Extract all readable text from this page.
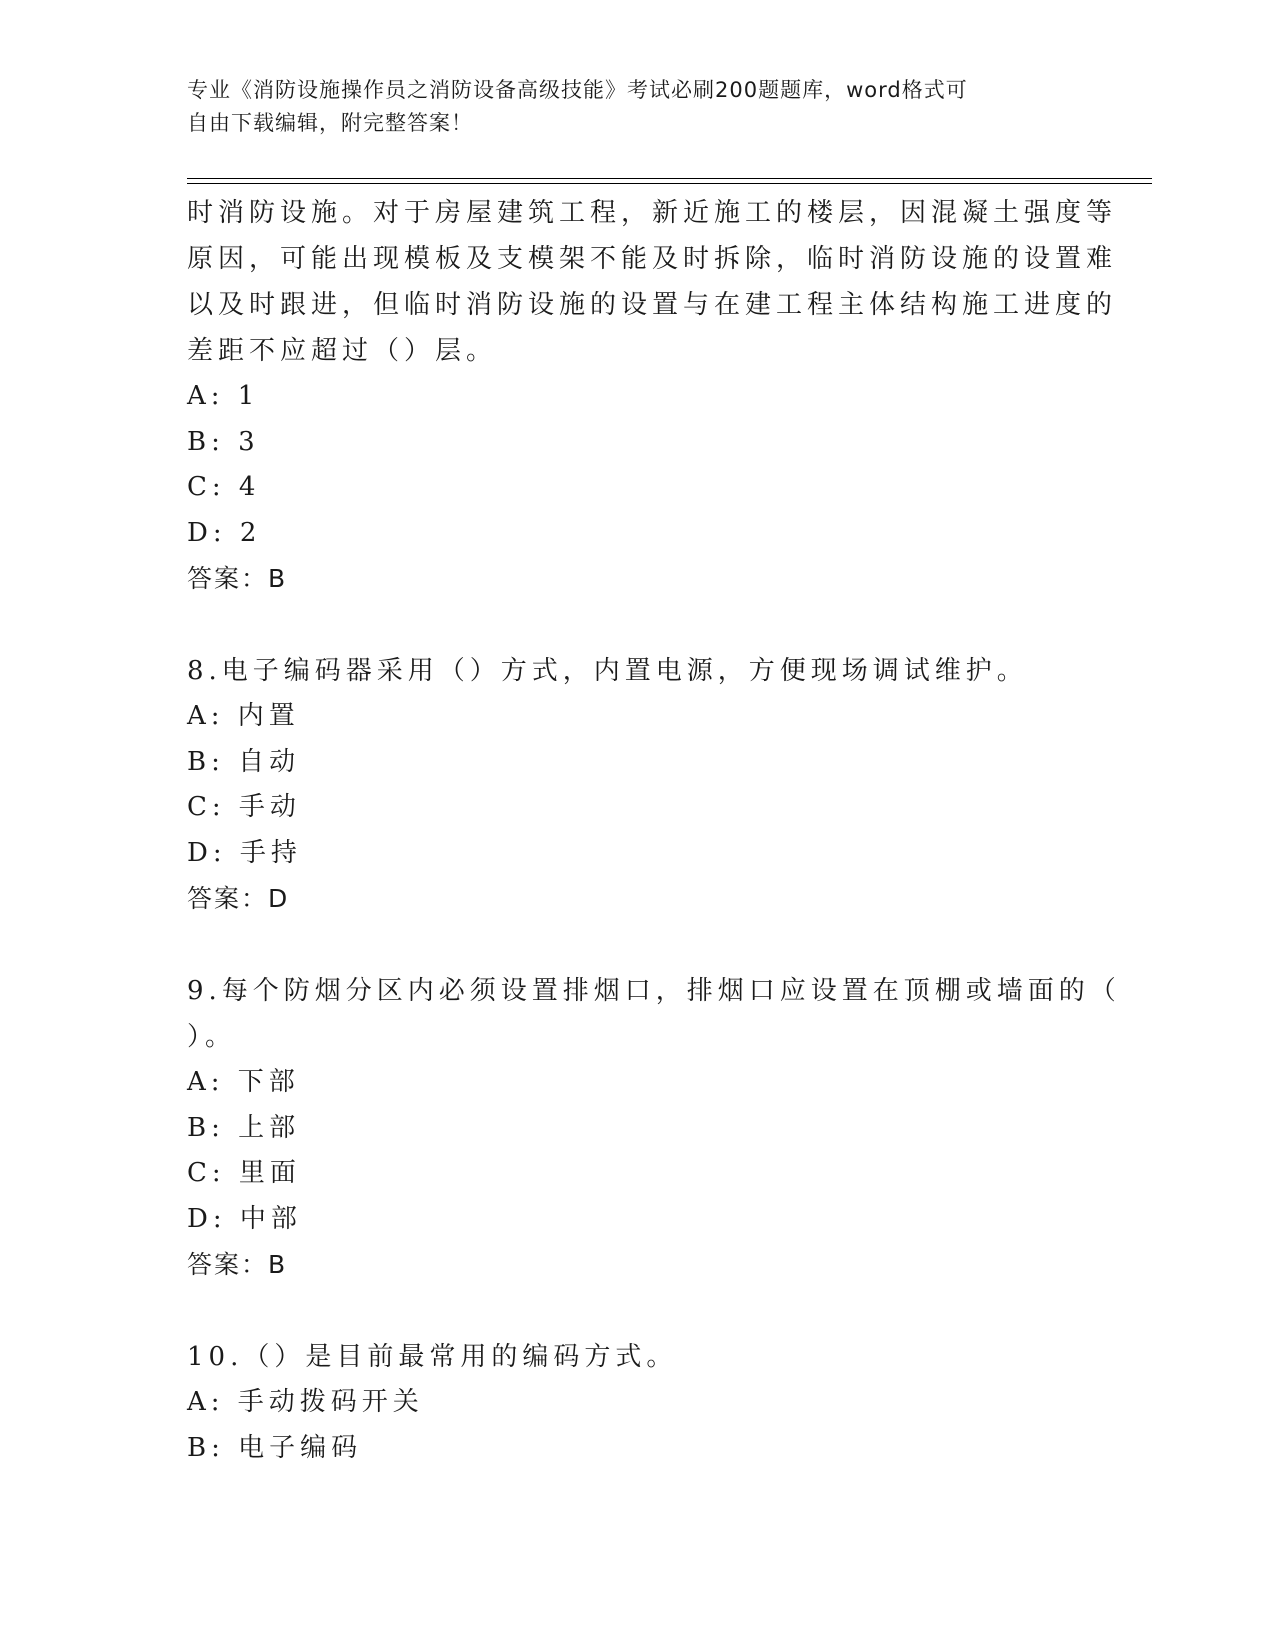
专业《消防设施操作员之消防设备高级技能》考试必刷200题题库，word格式可
自由下载编辑，附完整答案！
时消防设施。对于房屋建筑工程，新近施工的楼层，因混凝土强度等
原因，可能出现模板及支模架不能及时拆除，临时消防设施的设置难
以及时跟进，但临时消防设施的设置与在建工程主体结构施工进度的
差距不应超过（）层。
A: 1
B: 3
C: 4
D: 2
答案：B
8.电子编码器采用（）方式，内置电源，方便现场调试维护。
A: 内置
B: 自动
C: 手动
D: 手持
答案：D
9.每个防烟分区内必须设置排烟口，排烟口应设置在顶棚或墙面的（
）。
A: 下部
B: 上部
C: 里面
D: 中部
答案：B
10.（）是目前最常用的编码方式。
A: 手动拨码开关
B: 电子编码
